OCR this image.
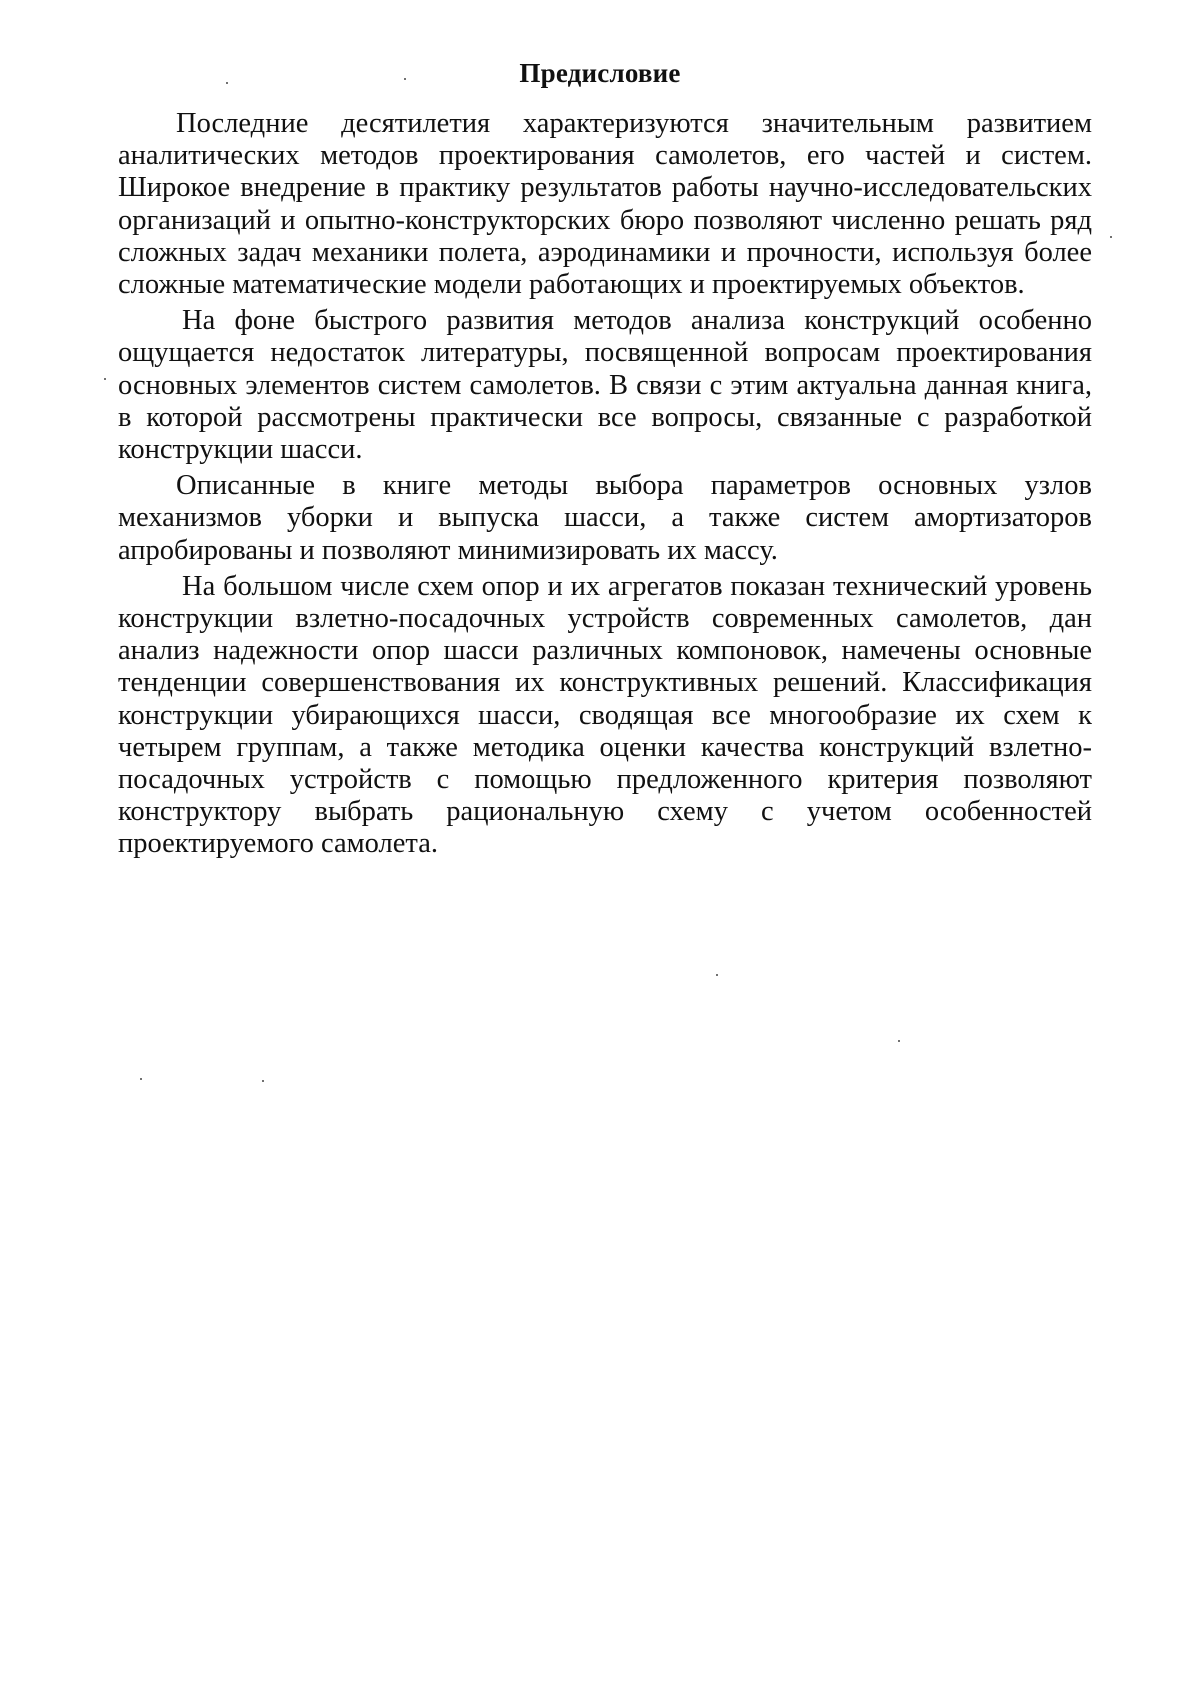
Предисловие

Последние десятилетия характеризуются значительным развитием аналитических методов проектирования самолетов, его частей и систем. Широкое внедрение в практику результатов работы научно-исследовательских организаций и опытно-конструкторских бюро позволяют численно решать ряд сложных задач механики полета, аэродинамики и прочности, используя более сложные математические модели работающих и проектируемых объектов.

На фоне быстрого развития методов анализа конструкций особенно ощущается недостаток литературы, посвященной вопросам проектирования основных элементов систем самолетов. В связи с этим актуальна данная книга, в которой рассмотрены практически все вопросы, связанные с разработкой конструкции шасси.

Описанные в книге методы выбора параметров основных узлов механизмов уборки и выпуска шасси, а также систем амортизаторов апробированы и позволяют минимизировать их массу.

На большом числе схем опор и их агрегатов показан технический уровень конструкции взлетно-посадочных устройств современных самолетов, дан анализ надежности опор шасси различных компоновок, намечены основные тенденции совершенствования их конструктивных решений. Классификация конструкции убирающихся шасси, сводящая все многообразие их схем к четырем группам, а также методика оценки качества конструкций взлетно-посадочных устройств с помощью предложенного критерия позволяют конструктору выбрать рациональную схему с учетом особенностей проектируемого самолета.
